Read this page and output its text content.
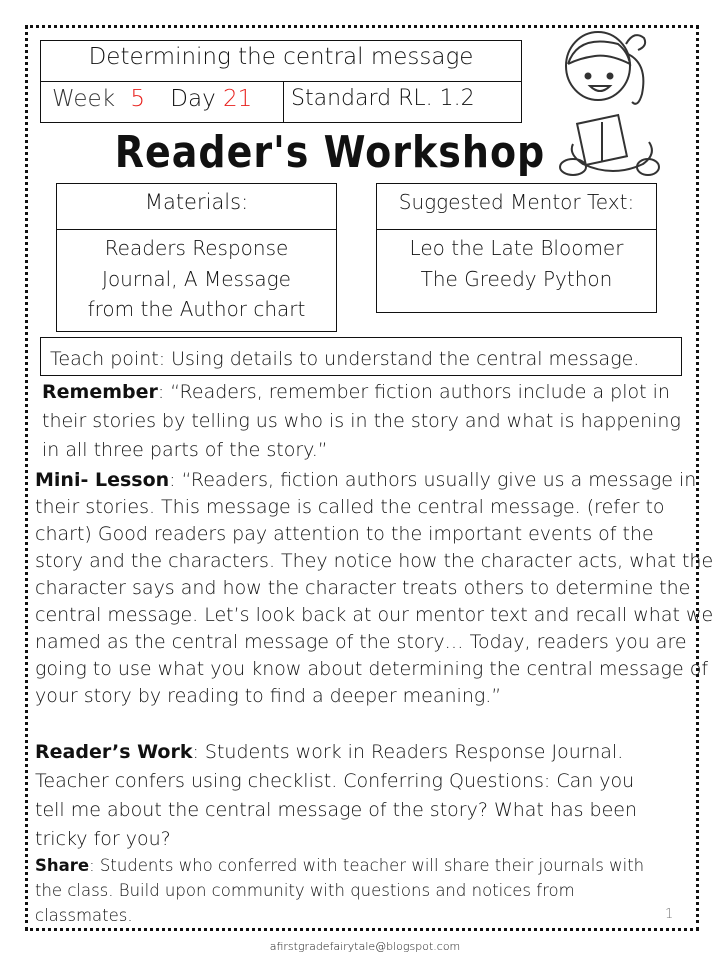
Determining the central message
Week 5 Day 21 Standard RL. 1.2
Reader's Workshop
Materials:
Readers Response
Journal, A Message
from the Author chart
Suggested Mentor Text:
Leo the Late Bloomer
The Greedy Python
Teach point: Using details to understand the central message.
Remember: “Readers, remember fiction authors include a plot in
their stories by telling us who is in the story and what is happening
in all three parts of the story.”
Mini- Lesson: “Readers, fiction authors usually give us a message in
their stories. This message is called the central message. (refer to
chart) Good readers pay attention to the important events of the
story and the characters. They notice how the character acts, what the
character says and how the character treats others to determine the
central message. Let’s look back at our mentor text and recall what we
named as the central message of the story… Today, readers you are
going to use what you know about determining the central message of
your story by reading to find a deeper meaning.”
Reader’s Work: Students work in Readers Response Journal.
Teacher confers using checklist. Conferring Questions: Can you
tell me about the central message of the story? What has been
tricky for you?
Share: Students who conferred with teacher will share their journals with
the class. Build upon community with questions and notices from
classmates.	1
afirstgradefairytale@blogspot.com
